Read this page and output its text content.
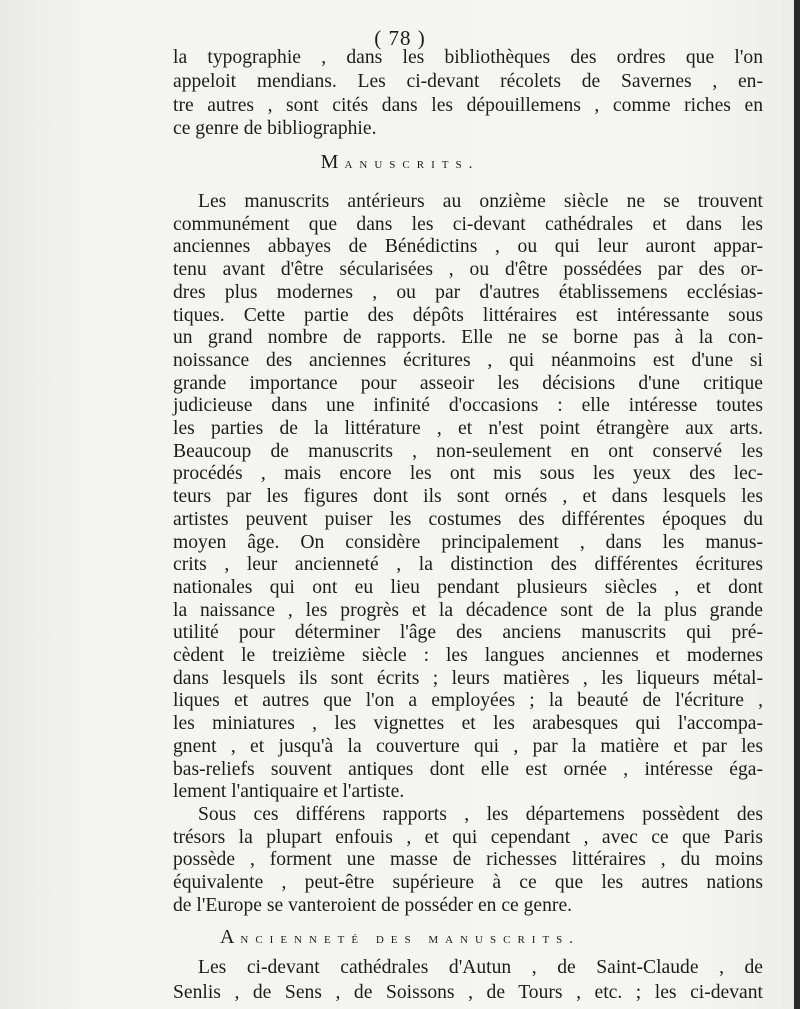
( 78 )
la typographie , dans les bibliothèques des ordres que l'on
appeloit mendians. Les ci-devant récolets de Savernes , en-
tre autres , sont cités dans les dépouillemens , comme riches en
ce genre de bibliographie.
Manuscrits.
Les manuscrits antérieurs au onzième siècle ne se trouvent
communément que dans les ci-devant cathédrales et dans les
anciennes abbayes de Bénédictins , ou qui leur auront appar-
tenu avant d'être sécularisées , ou d'être possédées par des or-
dres plus modernes , ou par d'autres établissemens ecclésias-
tiques. Cette partie des dépôts littéraires est intéressante sous
un grand nombre de rapports. Elle ne se borne pas à la con-
noissance des anciennes écritures , qui néanmoins est d'une si
grande importance pour asseoir les décisions d'une critique
judicieuse dans une infinité d'occasions : elle intéresse toutes
les parties de la littérature , et n'est point étrangère aux arts.
Beaucoup de manuscrits , non-seulement en ont conservé les
procédés , mais encore les ont mis sous les yeux des lec-
teurs par les figures dont ils sont ornés , et dans lesquels les
artistes peuvent puiser les costumes des différentes époques du
moyen âge. On considère principalement , dans les manus-
crits , leur ancienneté , la distinction des différentes écritures
nationales qui ont eu lieu pendant plusieurs siècles , et dont
la naissance , les progrès et la décadence sont de la plus grande
utilité pour déterminer l'âge des anciens manuscrits qui pré-
cèdent le treizième siècle : les langues anciennes et modernes
dans lesquels ils sont écrits ; leurs matières , les liqueurs métal-
liques et autres que l'on a employées ; la beauté de l'écriture ,
les miniatures , les vignettes et les arabesques qui l'accompa-
gnent , et jusqu'à la couverture qui , par la matière et par les
bas-reliefs souvent antiques dont elle est ornée , intéresse éga-
lement l'antiquaire et l'artiste.
Sous ces différens rapports , les départemens possèdent des
trésors la plupart enfouis , et qui cependant , avec ce que Paris
possède , forment une masse de richesses littéraires , du moins
équivalente , peut-être supérieure à ce que les autres nations
de l'Europe se vanteroient de posséder en ce genre.
Ancienneté des manuscrits.
Les ci-devant cathédrales d'Autun , de Saint-Claude , de
Senlis , de Sens , de Soissons , de Tours , etc. ; les ci-devant
